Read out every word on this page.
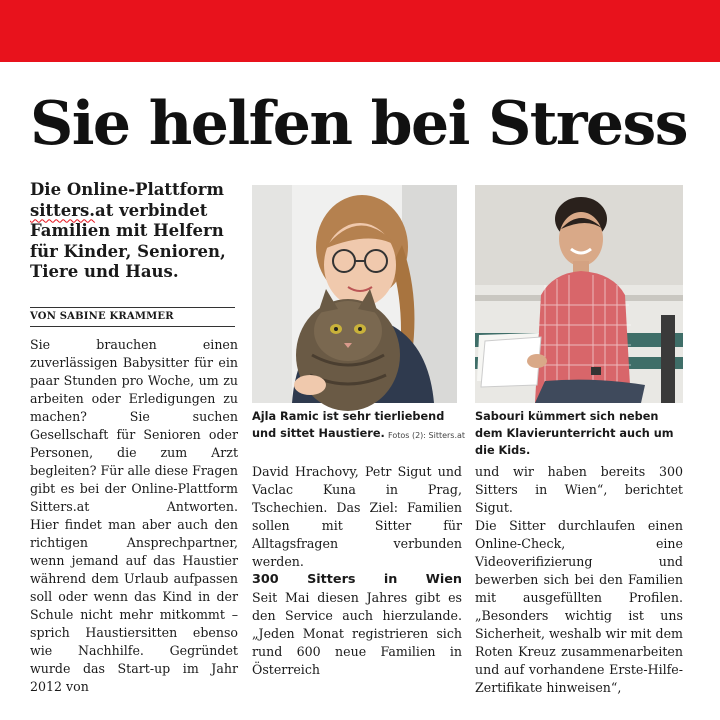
Sie helfen bei Stress
Die Online-Plattform sitters.at verbindet Familien mit Helfern für Kinder, Senioren, Tiere und Haus.
VON SABINE KRAMMER

Sie brauchen einen zuverlässigen Babysitter für ein paar Stunden pro Woche, um zu arbeiten oder Erledigungen zu machen? Sie suchen Gesellschaft für Senioren oder Personen, die zum Arzt begleiten? Für alle diese Fragen gibt es bei der Online-Plattform Sitters.at Antworten.

Hier findet man aber auch den richtigen Ansprechpartner, wenn jemand auf das Haustier während dem Urlaub aufpassen soll oder wenn das Kind in der Schule nicht mehr mitkommt – sprich Haustiersitten ebenso wie Nachhilfe. Gegründet wurde das Start-up im Jahr 2012 von

Ajla Ramic ist sehr tierliebend und sittet Haustiere. Fotos (2): Sitters.at
Sabouri kümmert sich neben dem Klavierunterricht auch um die Kids.

David Hrachovy, Petr Sigut und Vaclac Kuna in Prag, Tschechien. Das Ziel: Familien sollen mit Sitter für Alltagsfragen verbunden werden.

300 Sitters in Wien

Seit Mai diesen Jahres gibt es den Service auch hierzulande. „Jeden Monat registrieren sich rund 600 neue Familien in Österreich

und wir haben bereits 300 Sitters in Wien“, berichtet Sigut.

Die Sitter durchlaufen einen Online-Check, eine Videoverifizierung und bewerben sich bei den Familien mit ausgefüllten Profilen. „Besonders wichtig ist uns Sicherheit, weshalb wir mit dem Roten Kreuz zusammenarbeiten und auf vorhandene Erste-Hilfe-Zertifikate hinweisen“,
